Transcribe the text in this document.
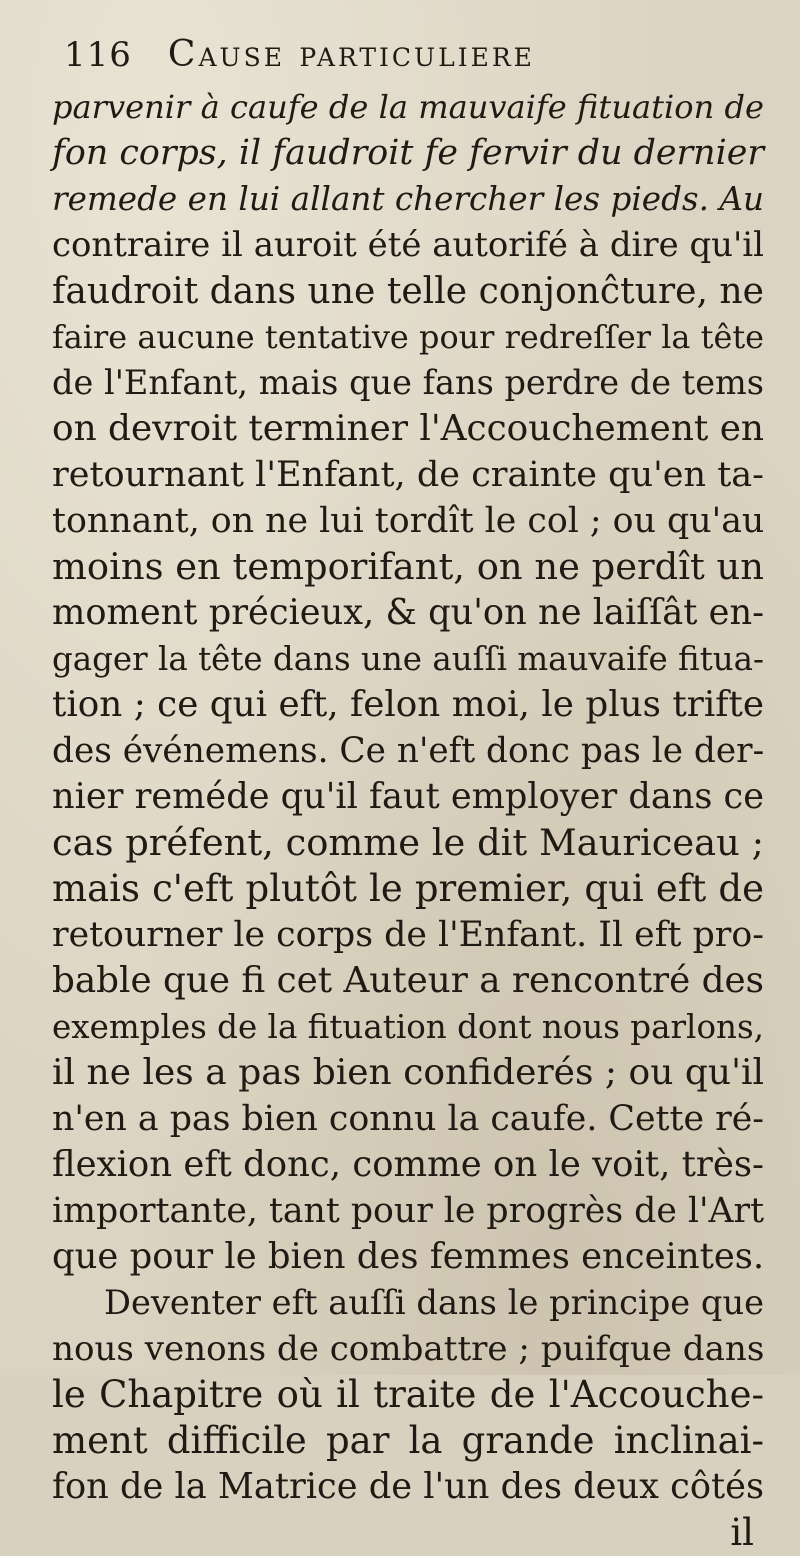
116 Cause particuliere
parvenir à caufe de la mauvaife fituation de
fon corps, il faudroit fe fervir du dernier
remede en lui allant chercher les pieds. Au
contraire il auroit été autorifé à dire qu'il
faudroit dans une telle conjonĉture, ne
faire aucune tentative pour redreſſer la tête
de l'Enfant, mais que fans perdre de tems
on devroit terminer l'Accouchement en
retournant l'Enfant, de crainte qu'en ta-
tonnant, on ne lui tordît le col ; ou qu'au
moins en temporifant, on ne perdît un
moment précieux, & qu'on ne laiſſât en-
gager la tête dans une auſſi mauvaife fitua-
tion ; ce qui eft, felon moi, le plus trifte
des événemens. Ce n'eft donc pas le der-
nier reméde qu'il faut employer dans ce
cas préfent, comme le dit Mauriceau ;
mais c'eft plutôt le premier, qui eft de
retourner le corps de l'Enfant. Il eft pro-
bable que fi cet Auteur a rencontré des
exemples de la fituation dont nous parlons,
il ne les a pas bien confiderés ; ou qu'il
n'en a pas bien connu la caufe. Cette ré-
flexion eft donc, comme on le voit, très-
importante, tant pour le progrès de l'Art
que pour le bien des femmes enceintes.
Deventer eft auſſi dans le principe que
nous venons de combattre ; puifque dans
le Chapitre où il traite de l'Accouche-
ment difficile par la grande inclinai-
fon de la Matrice de l'un des deux côtés
il
